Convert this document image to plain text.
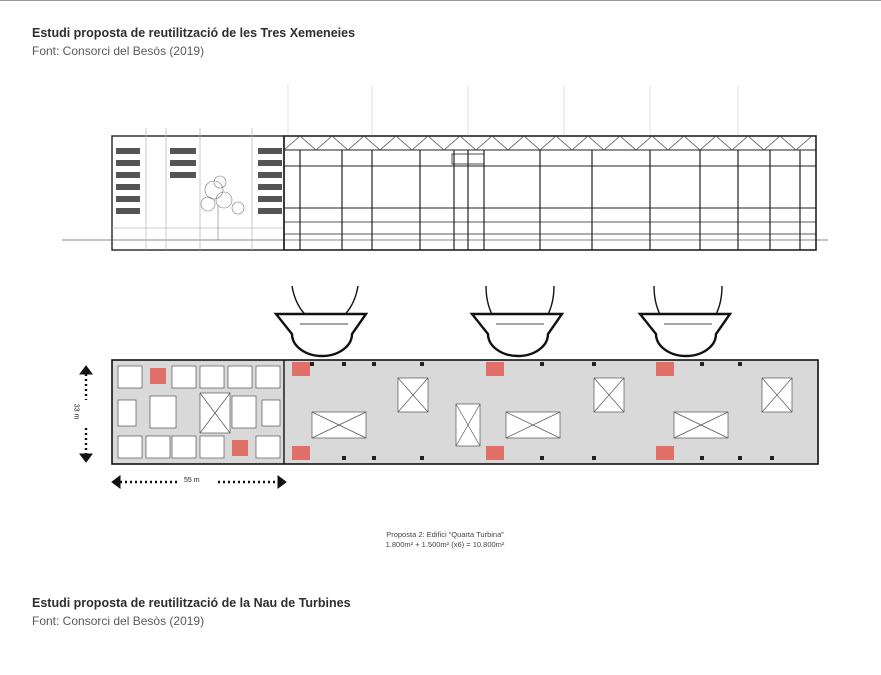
Estudi proposta de reutilització de les Tres Xemeneies
Font: Consorci del Besòs (2019)
55 m
33 m
Proposta 2: Edifici “Quarta Turbina”
1.800m² + 1.500m² (x6) = 10.800m²
Estudi proposta de reutilització de la Nau de Turbines
Font: Consorci del Besòs (2019)
